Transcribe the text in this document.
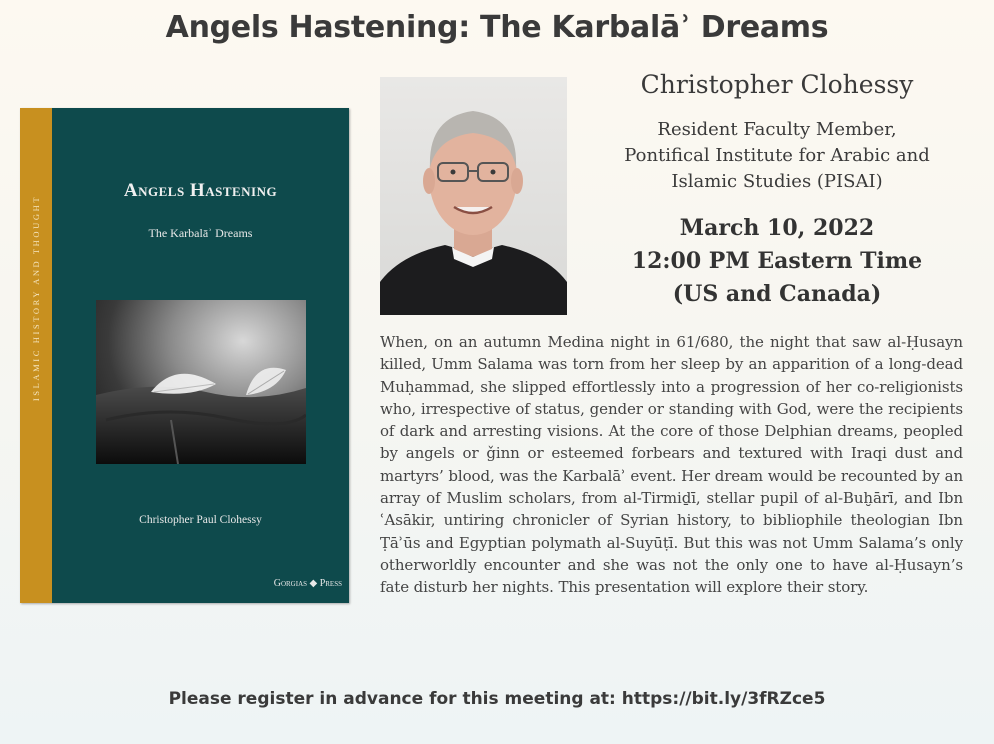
Angels Hastening: The Karbalāʾ Dreams
ISLAMIC HISTORY AND THOUGHT
Angels Hastening
The Karbalāʾ Dreams
Christopher Paul Clohessy
Gorgias ◆ Press
Christopher Clohessy
Resident Faculty Member,
Pontifical Institute for Arabic and
Islamic Studies (PISAI)
March 10, 2022
12:00 PM Eastern Time
(US and Canada)
When, on an autumn Medina night in 61/680, the night that saw al-Ḥusayn killed, Umm Salama was torn from her sleep by an apparition of a long-dead Muḥammad, she slipped effortlessly into a progression of her co-religionists who, irrespective of status, gender or standing with God, were the recipients of dark and arresting visions. At the core of those Delphian dreams, peopled by angels or ǧinn or esteemed forbears and textured with Iraqi dust and martyrs’ blood, was the Karbalāʾ event. Her dream would be recounted by an array of Muslim scholars, from al-Tirmiḏī, stellar pupil of al-Buḫārī, and Ibn ʿAsākir, untiring chronicler of Syrian history, to bibliophile theologian Ibn Ṭāʾūs and Egyptian polymath al-Suyūṭī. But this was not Umm Salama’s only otherworldly encounter and she was not the only one to have al-Ḥusayn’s fate disturb her nights. This presentation will explore their story.
Please register in advance for this meeting at: https://bit.ly/3fRZce5
